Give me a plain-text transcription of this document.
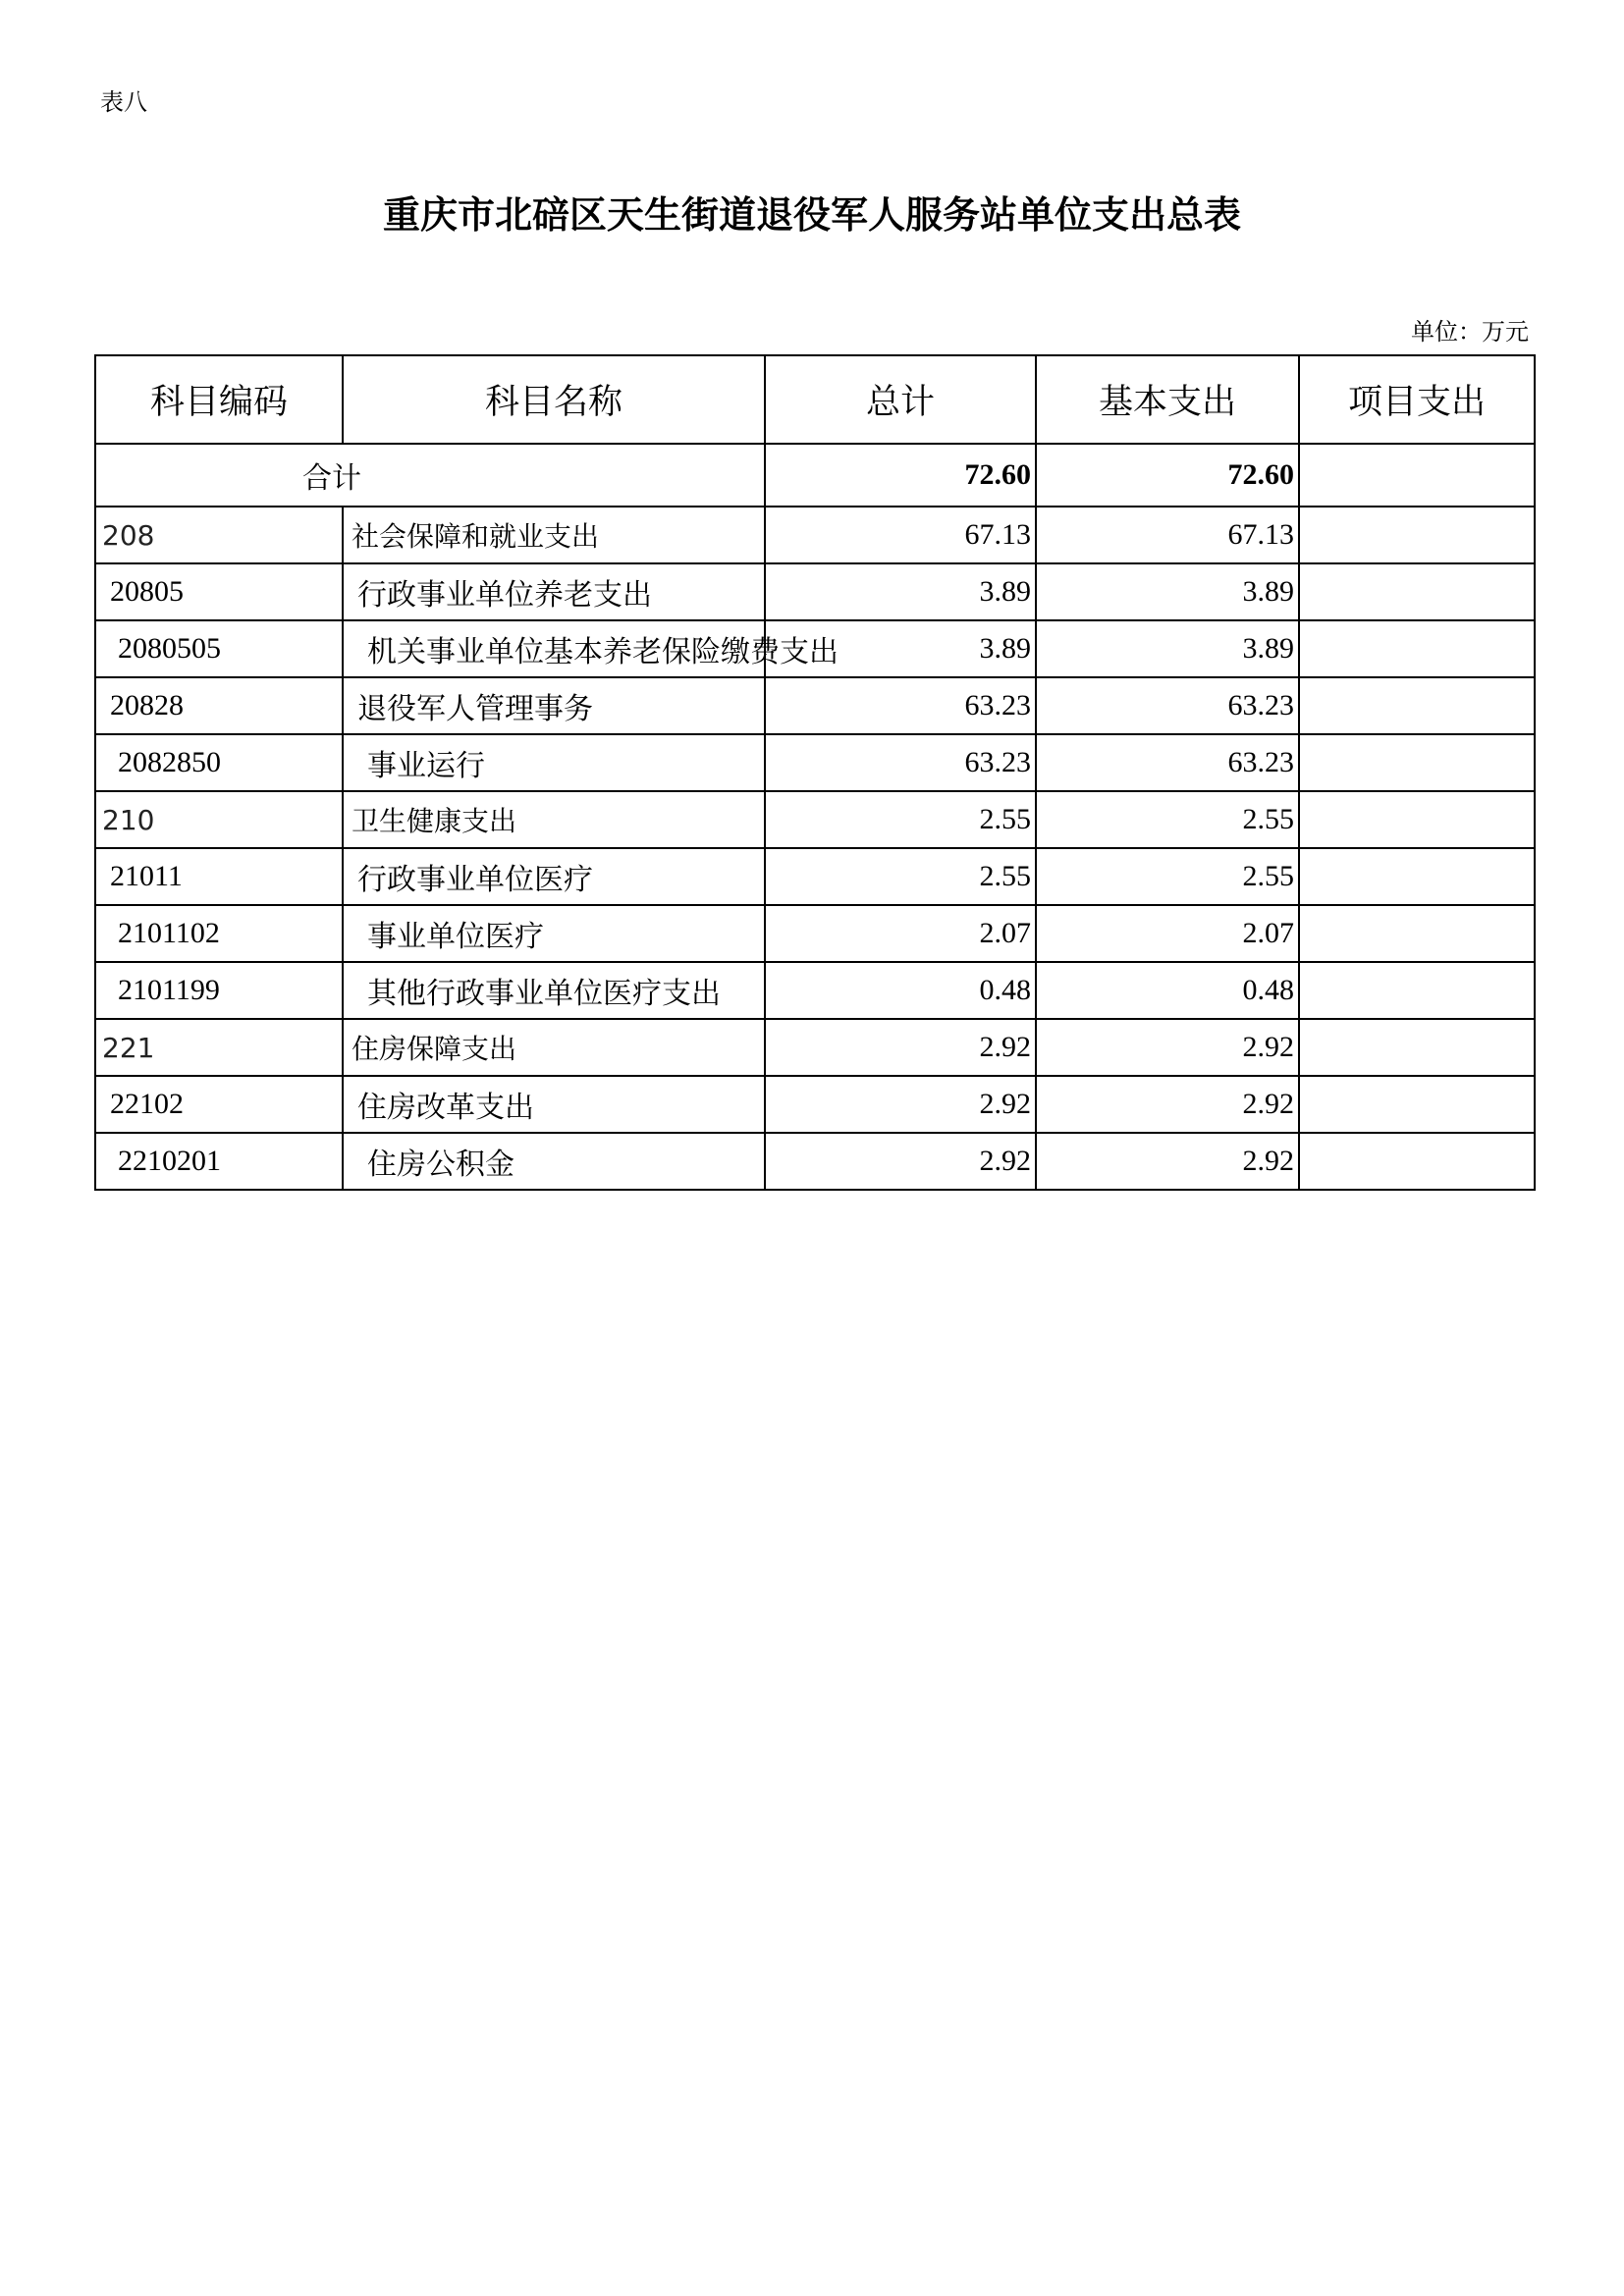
表八
重庆市北碚区天生街道退役军人服务站单位支出总表
单位：万元
科目编码	科目名称	总计	基本支出	项目支出
合计		72.60	72.60	
208	社会保障和就业支出	67.13	67.13	
20805	行政事业单位养老支出	3.89	3.89	
2080505	机关事业单位基本养老保险缴费支出	3.89	3.89	
20828	退役军人管理事务	63.23	63.23	
2082850	事业运行	63.23	63.23	
210	卫生健康支出	2.55	2.55	
21011	行政事业单位医疗	2.55	2.55	
2101102	事业单位医疗	2.07	2.07	
2101199	其他行政事业单位医疗支出	0.48	0.48	
221	住房保障支出	2.92	2.92	
22102	住房改革支出	2.92	2.92	
2210201	住房公积金	2.92	2.92	
